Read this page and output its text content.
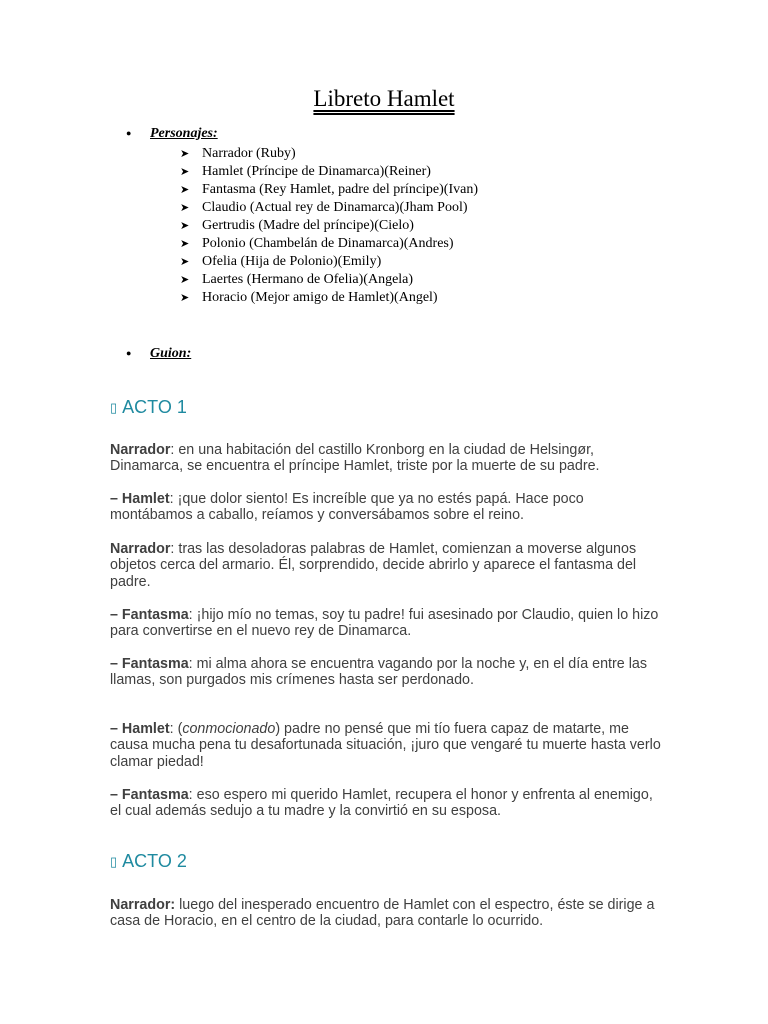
Libreto Hamlet
● Personajes:
➤ Narrador (Ruby)
➤ Hamlet (Príncipe de Dinamarca)(Reiner)
➤ Fantasma (Rey Hamlet, padre del príncipe)(Ivan)
➤ Claudio (Actual rey de Dinamarca)(Jham Pool)
➤ Gertrudis (Madre del príncipe)(Cielo)
➤ Polonio (Chambelán de Dinamarca)(Andres)
➤ Ofelia (Hija de Polonio)(Emily)
➤ Laertes (Hermano de Ofelia)(Angela)
➤ Horacio (Mejor amigo de Hamlet)(Angel)
● Guion:
▯ ACTO 1

Narrador: en una habitación del castillo Kronborg en la ciudad de Helsingør, Dinamarca, se encuentra el príncipe Hamlet, triste por la muerte de su padre.

– Hamlet: ¡que dolor siento! Es increíble que ya no estés papá. Hace poco montábamos a caballo, reíamos y conversábamos sobre el reino.

Narrador: tras las desoladoras palabras de Hamlet, comienzan a moverse algunos objetos cerca del armario. Él, sorprendido, decide abrirlo y aparece el fantasma del padre.

– Fantasma: ¡hijo mío no temas, soy tu padre! fui asesinado por Claudio, quien lo hizo para convertirse en el nuevo rey de Dinamarca.

– Fantasma: mi alma ahora se encuentra vagando por la noche y, en el día entre las llamas, son purgados mis crímenes hasta ser perdonado.

– Hamlet: (conmocionado) padre no pensé que mi tío fuera capaz de matarte, me causa mucha pena tu desafortunada situación, ¡juro que vengaré tu muerte hasta verlo clamar piedad!

– Fantasma: eso espero mi querido Hamlet, recupera el honor y enfrenta al enemigo, el cual además sedujo a tu madre y la convirtió en su esposa.

▯ ACTO 2

Narrador: luego del inesperado encuentro de Hamlet con el espectro, éste se dirige a casa de Horacio, en el centro de la ciudad, para contarle lo ocurrido.
